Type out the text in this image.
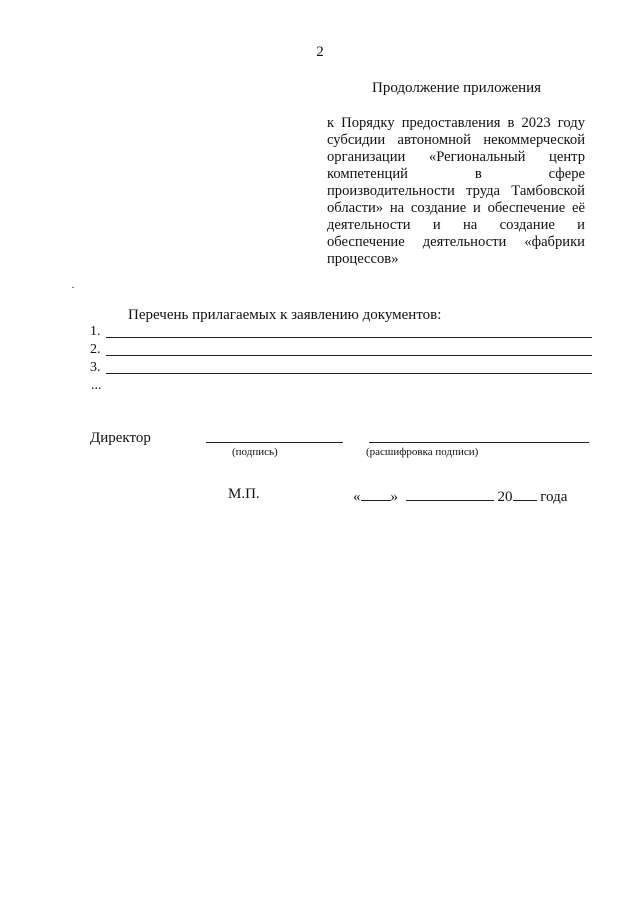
2
Продолжение приложения
к Порядку предоставления в 2023 году
субсидии автономной некоммерческой
организации «Региональный центр
компетенций в сфере
производительности труда Тамбовской
области» на создание и обеспечение её
деятельности и на создание и
обеспечение деятельности «фабрики
процессов»
Перечень прилагаемых к заявлению документов:
1.
2.
3.
...
Директор
(подпись)	(расшифровка подписи)
М.П.	« »	20 года
